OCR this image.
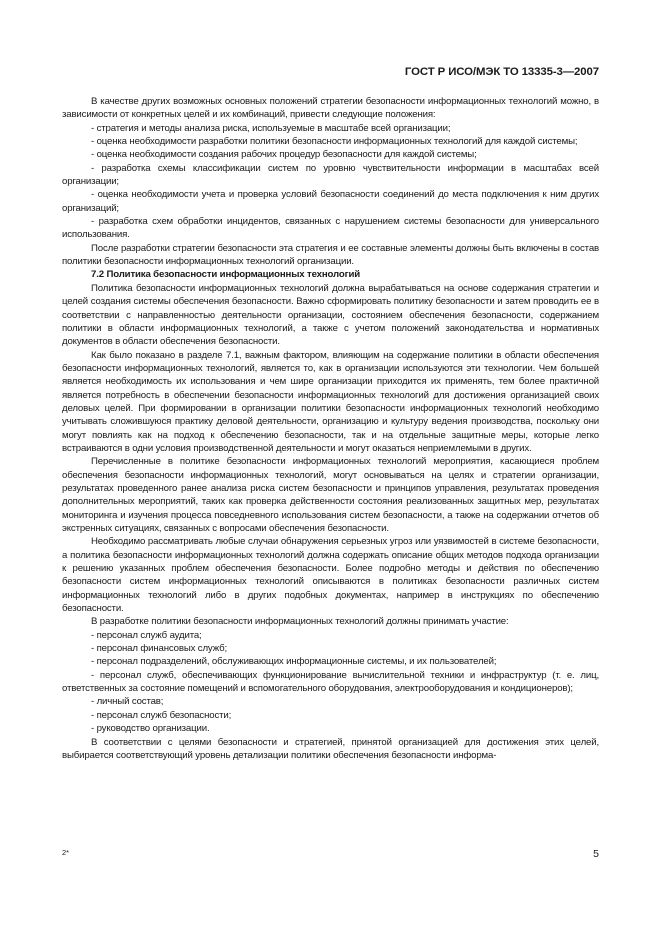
ГОСТ Р ИСО/МЭК ТО 13335-3—2007

В качестве других возможных основных положений стратегии безопасности информационных технологий можно, в зависимости от конкретных целей и их комбинаций, привести следующие положения:

- стратегия и методы анализа риска, используемые в масштабе всей организации;

- оценка необходимости разработки политики безопасности информационных технологий для каждой системы;

- оценка необходимости создания рабочих процедур безопасности для каждой системы;

- разработка схемы классификации систем по уровню чувствительности информации в масштабах всей организации;

- оценка необходимости учета и проверка условий безопасности соединений до места подключения к ним других организаций;

- разработка схем обработки инцидентов, связанных с нарушением системы безопасности для универсального использования.

После разработки стратегии безопасности эта стратегия и ее составные элементы должны быть включены в состав политики безопасности информационных технологий организации.

7.2 Политика безопасности информационных технологий

Политика безопасности информационных технологий должна вырабатываться на основе содержания стратегии и целей создания системы обеспечения безопасности. Важно сформировать политику безопасности и затем проводить ее в соответствии с направленностью деятельности организации, состоянием обеспечения безопасности, содержанием политики в области информационных технологий, а также с учетом положений законодательства и нормативных документов в области обеспечения безопасности.

Как было показано в разделе 7.1, важным фактором, влияющим на содержание политики в области обеспечения безопасности информационных технологий, является то, как в организации используются эти технологии. Чем большей является необходимость их использования и чем шире организации приходится их применять, тем более практичной является потребность в обеспечении безопасности информационных технологий для достижения организацией своих деловых целей. При формировании в организации политики безопасности информационных технологий необходимо учитывать сложившуюся практику деловой деятельности, организацию и культуру ведения производства, поскольку они могут повлиять как на подход к обеспечению безопасности, так и на отдельные защитные меры, которые легко встраиваются в одни условия производственной деятельности и могут оказаться неприемлемыми в других.

Перечисленные в политике безопасности информационных технологий мероприятия, касающиеся проблем обеспечения безопасности информационных технологий, могут основываться на целях и стратегии организации, результатах проведенного ранее анализа риска систем безопасности и принципов управления, результатах проведения дополнительных мероприятий, таких как проверка действенности состояния реализованных защитных мер, результатах мониторинга и изучения процесса повседневного использования систем безопасности, а также на содержании отчетов об экстренных ситуациях, связанных с вопросами обеспечения безопасности.

Необходимо рассматривать любые случаи обнаружения серьезных угроз или уязвимостей в системе безопасности, а политика безопасности информационных технологий должна содержать описание общих методов подхода организации к решению указанных проблем обеспечения безопасности. Более подробно методы и действия по обеспечению безопасности систем информационных технологий описываются в политиках безопасности различных систем информационных технологий либо в других подобных документах, например в инструкциях по обеспечению безопасности.

В разработке политики безопасности информационных технологий должны принимать участие:

- персонал служб аудита;

- персонал финансовых служб;

- персонал подразделений, обслуживающих информационные системы, и их пользователей;

- персонал служб, обеспечивающих функционирование вычислительной техники и инфраструктур (т. е. лиц, ответственных за состояние помещений и вспомогательного оборудования, электрооборудования и кондиционеров);

- личный состав;

- персонал служб безопасности;

- руководство организации.

В соответствии с целями безопасности и стратегией, принятой организацией для достижения этих целей, выбирается соответствующий уровень детализации политики обеспечения безопасности информа-

2*	5
